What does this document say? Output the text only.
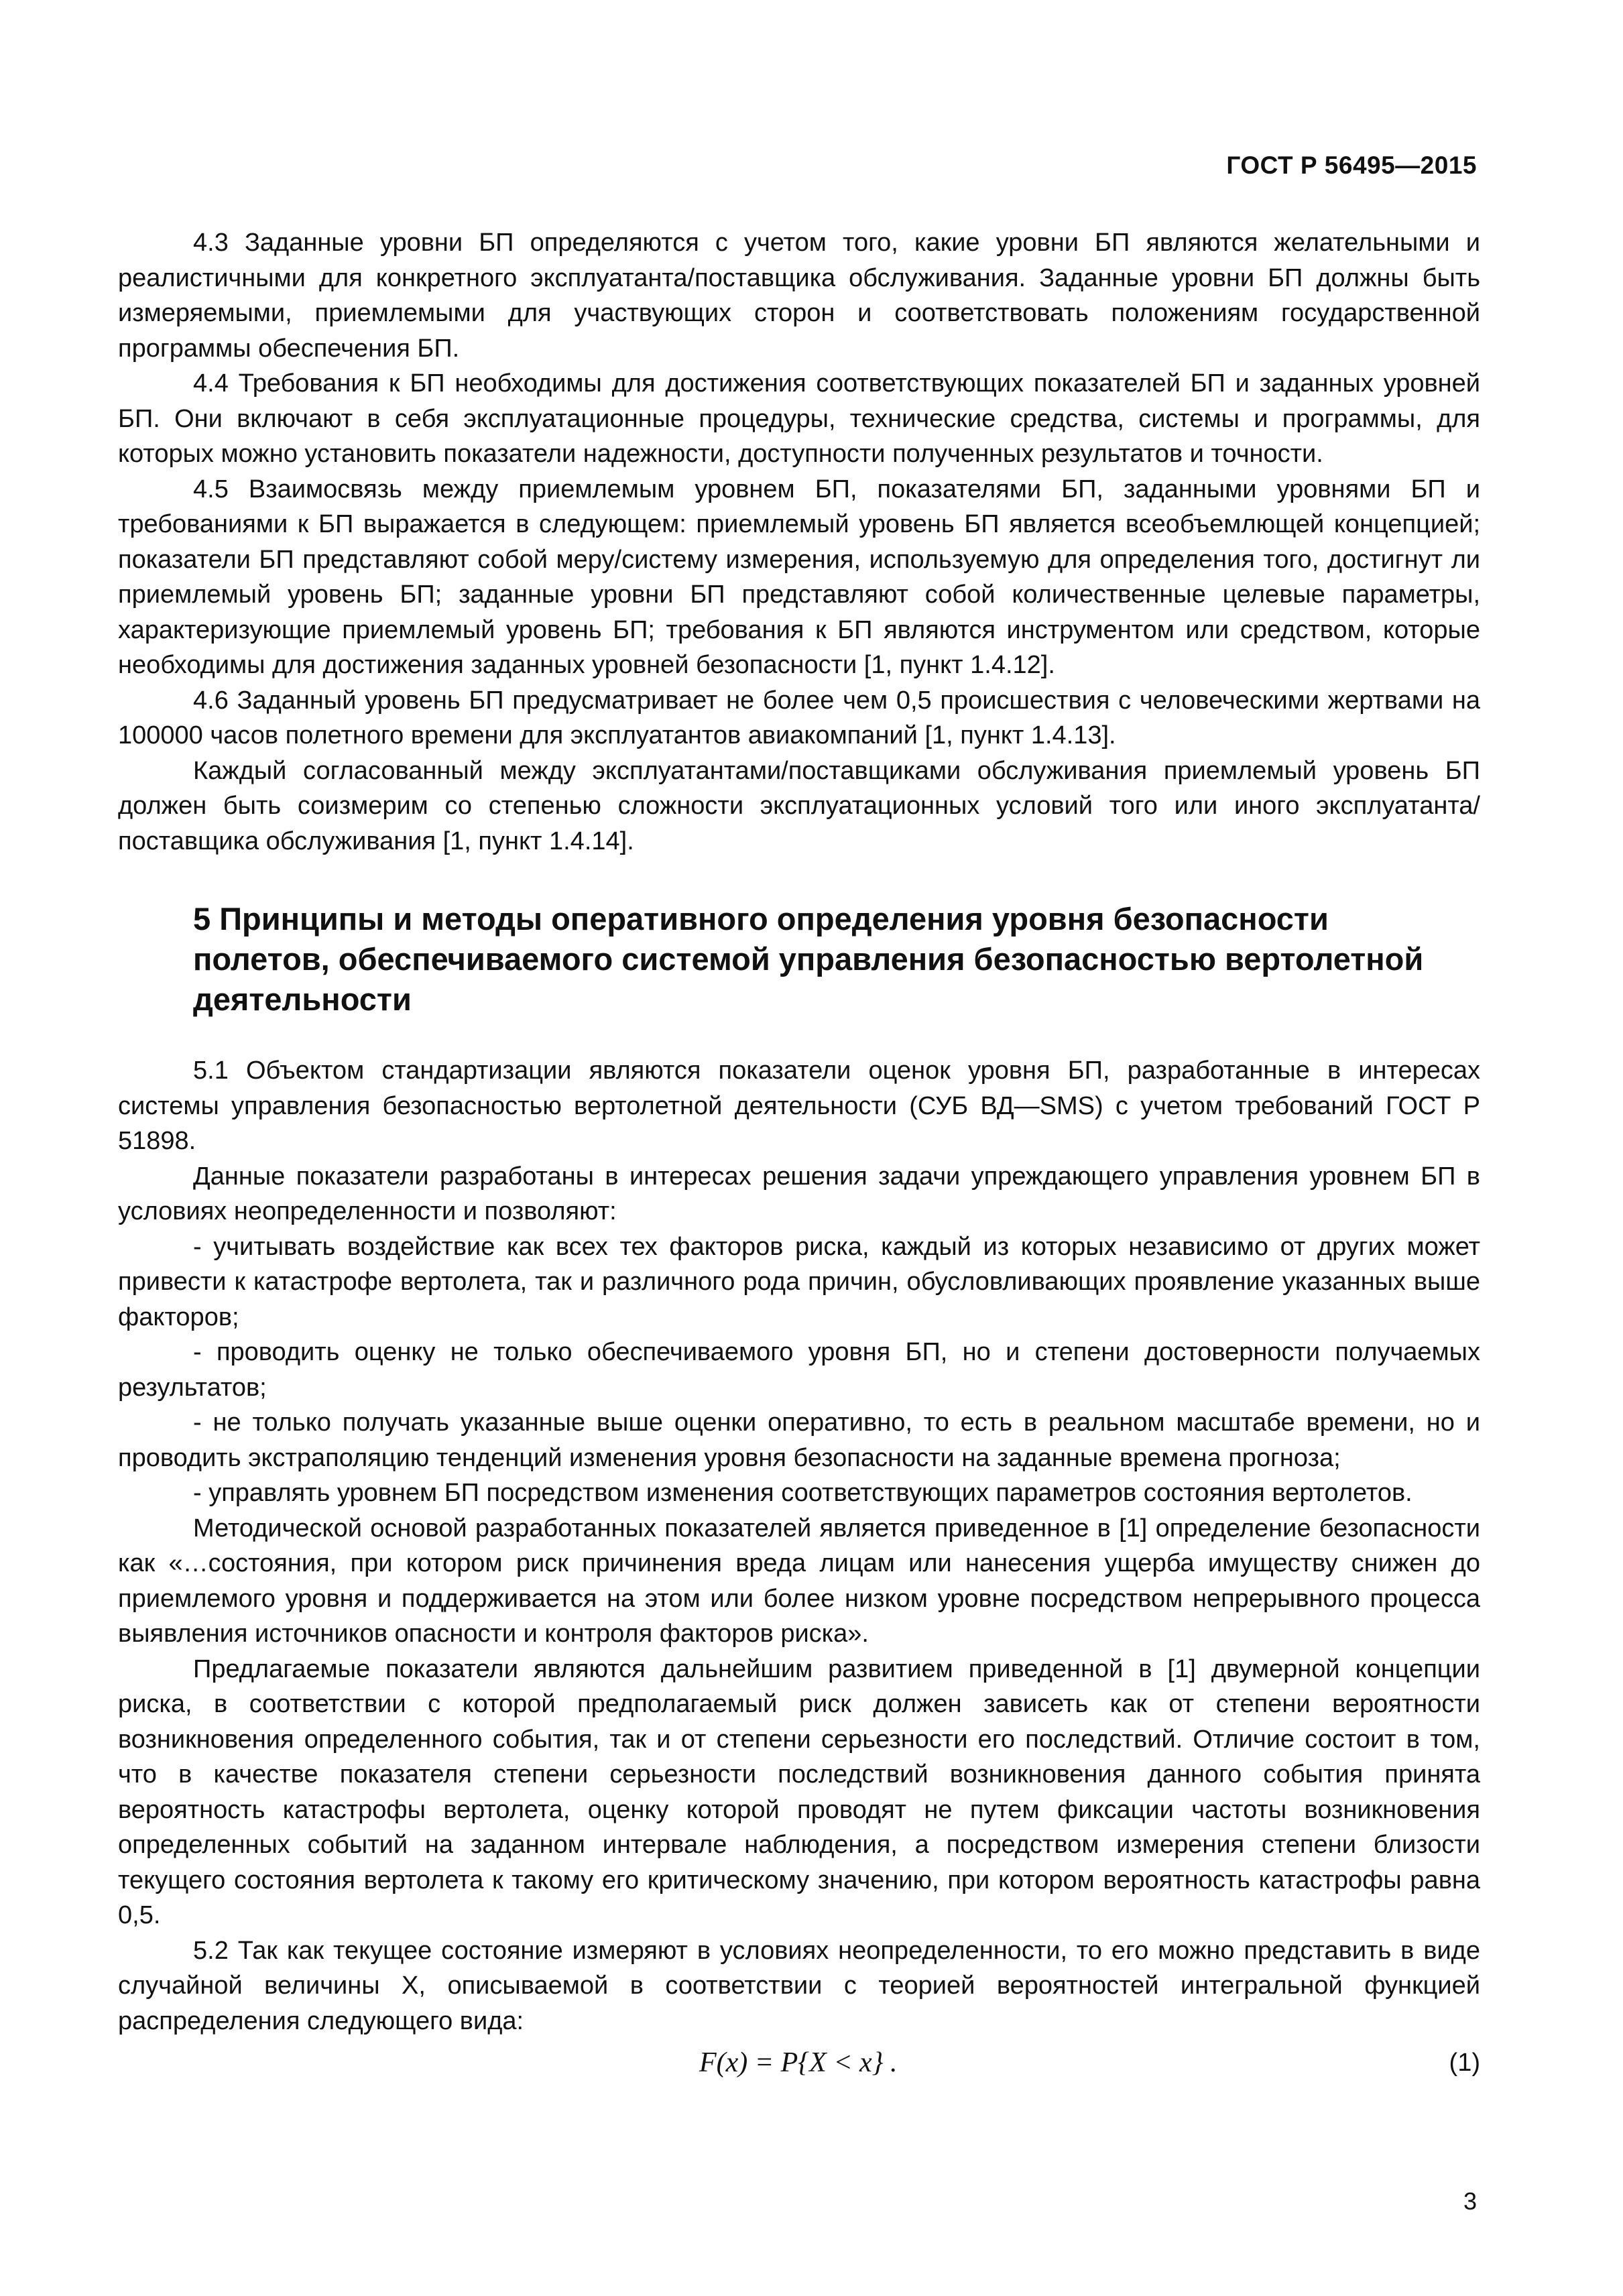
ГОСТ Р 56495—2015

4.3 Заданные уровни БП определяются с учетом того, какие уровни БП являются желательными и реалистичными для конкретного эксплуатанта/поставщика обслуживания. Заданные уровни БП должны быть измеряемыми, приемлемыми для участвующих сторон и соответствовать положениям государственной программы обеспечения БП.

4.4 Требования к БП необходимы для достижения соответствующих показателей БП и заданных уровней БП. Они включают в себя эксплуатационные процедуры, технические средства, системы и программы, для которых можно установить показатели надежности, доступности полученных результатов и точности.

4.5 Взаимосвязь между приемлемым уровнем БП, показателями БП, заданными уровнями БП и требованиями к БП выражается в следующем: приемлемый уровень БП является всеобъемлющей концепцией; показатели БП представляют собой меру/систему измерения, используемую для определения того, достигнут ли приемлемый уровень БП; заданные уровни БП представляют собой количественные целевые параметры, характеризующие приемлемый уровень БП; требования к БП являются инструментом или средством, которые необходимы для достижения заданных уровней безопасности [1, пункт 1.4.12].

4.6 Заданный уровень БП предусматривает не более чем 0,5 происшествия с человеческими жертвами на 100000 часов полетного времени для эксплуатантов авиакомпаний [1, пункт 1.4.13].

Каждый согласованный между эксплуатантами/поставщиками обслуживания приемлемый уровень БП должен быть соизмерим со степенью сложности эксплуатационных условий того или иного эксплуатанта/поставщика обслуживания [1, пункт 1.4.14].

5 Принципы и методы оперативного определения уровня безопасности полетов, обеспечиваемого системой управления безопасностью вертолетной деятельности

5.1 Объектом стандартизации являются показатели оценок уровня БП, разработанные в интересах системы управления безопасностью вертолетной деятельности (СУБ ВД—SMS) с учетом требований ГОСТ Р 51898.

Данные показатели разработаны в интересах решения задачи упреждающего управления уровнем БП в условиях неопределенности и позволяют:

- учитывать воздействие как всех тех факторов риска, каждый из которых независимо от других может привести к катастрофе вертолета, так и различного рода причин, обусловливающих проявление указанных выше факторов;

- проводить оценку не только обеспечиваемого уровня БП, но и степени достоверности получаемых результатов;

- не только получать указанные выше оценки оперативно, то есть в реальном масштабе времени, но и проводить экстраполяцию тенденций изменения уровня безопасности на заданные времена прогноза;

- управлять уровнем БП посредством изменения соответствующих параметров состояния вертолетов.

Методической основой разработанных показателей является приведенное в [1] определение безопасности как «…состояния, при котором риск причинения вреда лицам или нанесения ущерба имуществу снижен до приемлемого уровня и поддерживается на этом или более низком уровне посредством непрерывного процесса выявления источников опасности и контроля факторов риска».

Предлагаемые показатели являются дальнейшим развитием приведенной в [1] двумерной концепции риска, в соответствии с которой предполагаемый риск должен зависеть как от степени вероятности возникновения определенного события, так и от степени серьезности его последствий. Отличие состоит в том, что в качестве показателя степени серьезности последствий возникновения данного события принята вероятность катастрофы вертолета, оценку которой проводят не путем фиксации частоты возникновения определенных событий на заданном интервале наблюдения, а посредством измерения степени близости текущего состояния вертолета к такому его критическому значению, при котором вероятность катастрофы равна 0,5.

5.2 Так как текущее состояние измеряют в условиях неопределенности, то его можно представить в виде случайной величины X, описываемой в соответствии с теорией вероятностей интегральной функцией распределения следующего вида:

F(x) = P{X < x} .	(1)
3
